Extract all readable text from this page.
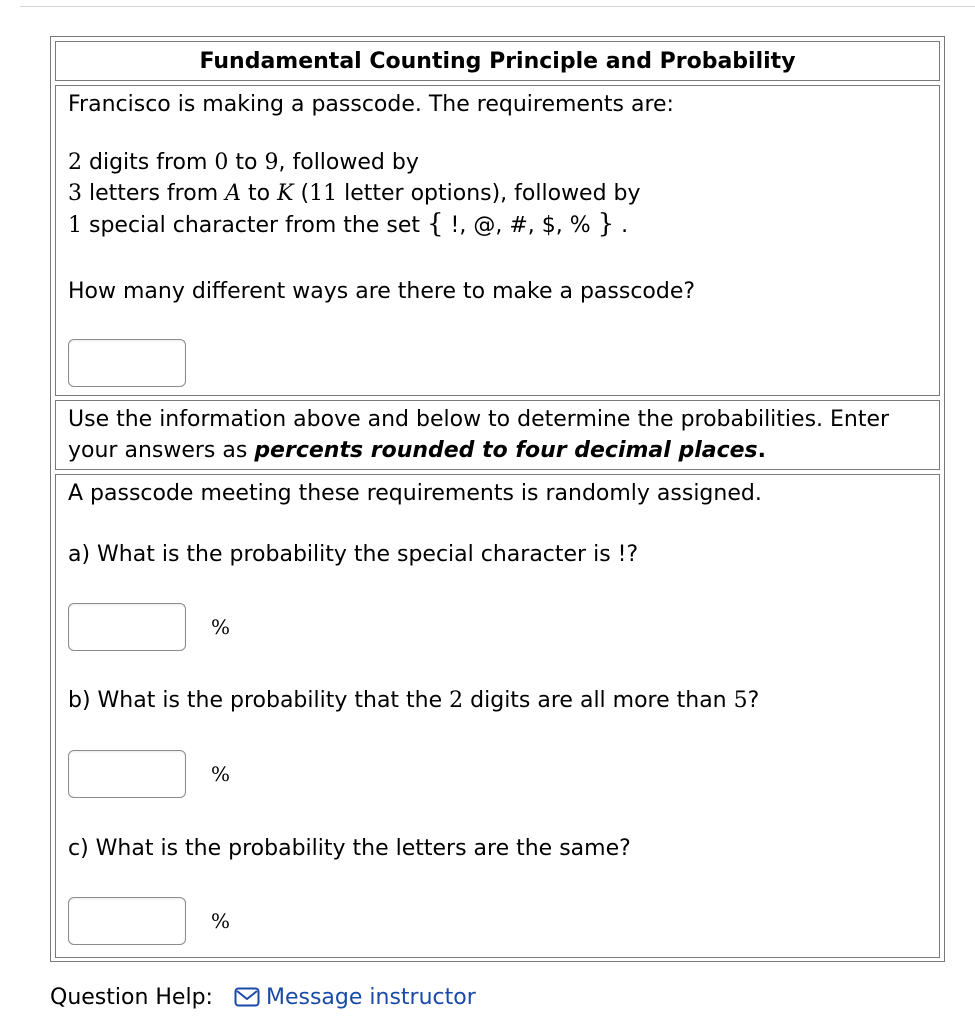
Fundamental Counting Principle and Probability
Francisco is making a passcode. The requirements are:
2 digits from 0 to 9, followed by
3 letters from A to K (11 letter options), followed by
1 special character from the set { !, @, #, $, % } .
How many different ways are there to make a passcode?
Use the information above and below to determine the probabilities. Enter
your answers as percents rounded to four decimal places.
A passcode meeting these requirements is randomly assigned.
a) What is the probability the special character is !?
%
b) What is the probability that the 2 digits are all more than 5?
%
c) What is the probability the letters are the same?
%
Question Help: Message instructor
